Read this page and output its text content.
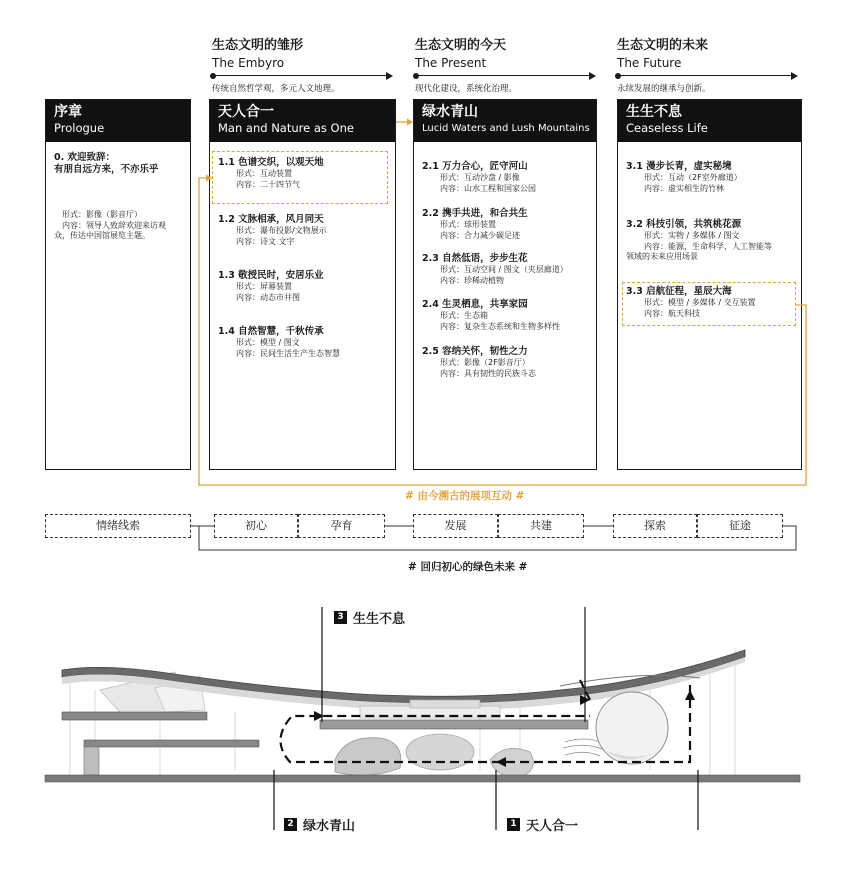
生态文明的雏形
The Embyro
传统自然哲学观，多元人文地理。
生态文明的今天
The Present
现代化建设，系统化治理。
生态文明的未来
The Future
永续发展的继承与创新。
序章
Prologue
0. 欢迎致辞：
有朋自远方来，不亦乐乎
形式：影像（影音厅）
内容：领导人致辞欢迎来访观
众，传达中国馆展览主题。
天人合一
Man and Nature as One
1.1 色谱交织，以观天地
形式：互动装置
内容：二十四节气
1.2 文脉相承，风月同天
形式：瀑布投影/文物展示
内容：诗文 文字
1.3 敬授民时，安居乐业
形式：屏幕装置
内容：动态市井图
1.4 自然智慧，千秋传承
形式：模型 / 图文
内容：民间生活生产生态智慧
绿水青山
Lucid Waters and Lush Mountains
2.1 万力合心，匠守河山
形式：互动沙盘 / 影像
内容：山水工程和国家公园
2.2 携手共进，和合共生
形式：球形装置
内容：合力减少碳足迹
2.3 自然低语，步步生花
形式：互动空间 / 图文（夹层廊道）
内容：珍稀动植物
2.4 生灵栖息，共享家园
形式：生态箱
内容：复杂生态系统和生物多样性
2.5 容纳关怀，韧性之力
形式：影像（2F影音厅）
内容：具有韧性的民族斗志
生生不息
Ceaseless Life
3.1 漫步长青，虚实秘境
形式：互动（2F室外廊道）
内容：虚实相生的竹林
3.2 科技引领，共筑桃花源
形式：实物 / 多媒体 / 图文
内容：能源，生命科学，人工智能等
领域的未来应用场景
3.3 启航征程，星辰大海
形式：模型 / 多媒体 / 交互装置
内容：航天科技
# 由今溯古的展项互动 #
情绪线索	初心	孕育	发展	共建	探索	征途
# 回归初心的绿色未来 #
3 生生不息
2 绿水青山	1 天人合一
